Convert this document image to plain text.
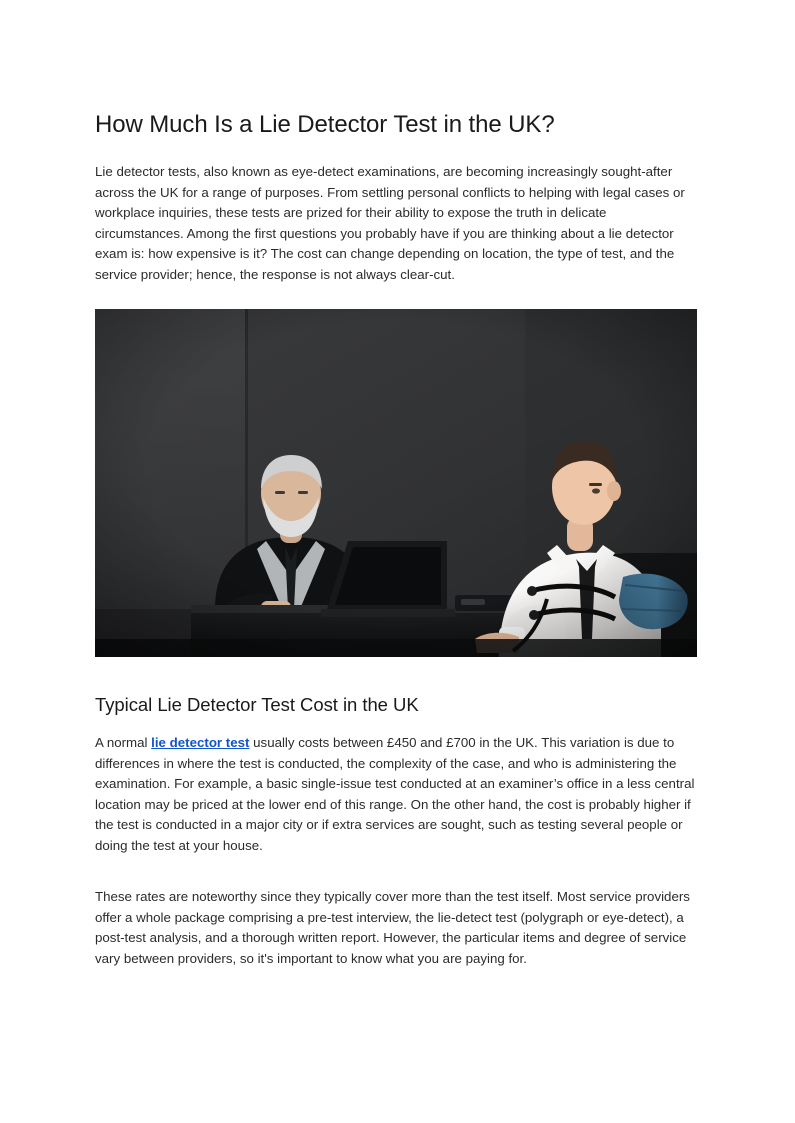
How Much Is a Lie Detector Test in the UK?

Lie detector tests, also known as eye-detect examinations, are becoming increasingly sought-after across the UK for a range of purposes. From settling personal conflicts to helping with legal cases or workplace inquiries, these tests are prized for their ability to expose the truth in delicate circumstances. Among the first questions you probably have if you are thinking about a lie detector exam is: how expensive is it? The cost can change depending on location, the type of test, and the service provider; hence, the response is not always clear-cut.

Typical Lie Detector Test Cost in the UK

A normal lie detector test usually costs between £450 and £700 in the UK. This variation is due to differences in where the test is conducted, the complexity of the case, and who is administering the examination. For example, a basic single-issue test conducted at an examiner’s office in a less central location may be priced at the lower end of this range. On the other hand, the cost is probably higher if the test is conducted in a major city or if extra services are sought, such as testing several people or doing the test at your house.

These rates are noteworthy since they typically cover more than the test itself. Most service providers offer a whole package comprising a pre-test interview, the lie-detect test (polygraph or eye-detect), a post-test analysis, and a thorough written report. However, the particular items and degree of service vary between providers, so it's important to know what you are paying for.
